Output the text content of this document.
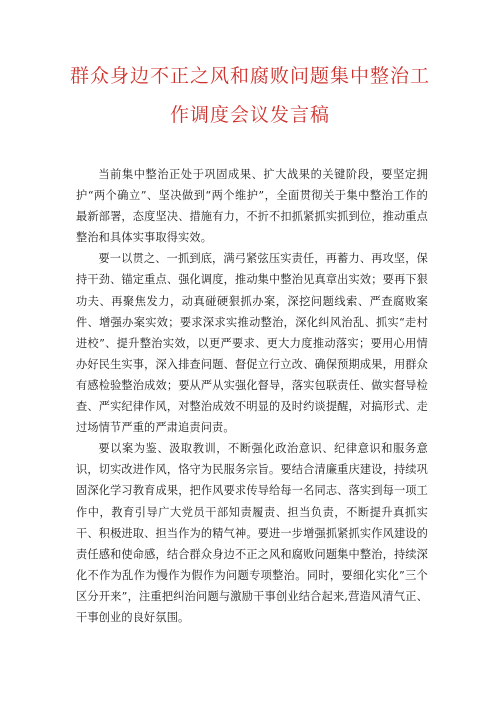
群众身边不正之风和腐败问题集中整治工
作调度会议发言稿

当前集中整治正处于巩固成果、扩大战果的关键阶段，要坚定拥护“两个确立”、坚决做到“两个维护”，全面贯彻关于集中整治工作的最新部署，态度坚决、措施有力，不折不扣抓紧抓实抓到位，推动重点整治和具体实事取得实效。

要一以贯之、一抓到底，满弓紧弦压实责任，再蓄力、再攻坚，保持干劲、锚定重点、强化调度，推动集中整治见真章出实效；要再下狠功夫、再聚焦发力，动真碰硬狠抓办案，深挖问题线索、严查腐败案件、增强办案实效；要求深求实推动整治，深化纠风治乱、抓实“走村进校”、提升整治实效，以更严要求、更大力度推动落实；要用心用情办好民生实事，深入排查问题、督促立行立改、确保预期成果，用群众有感检验整治成效；要从严从实强化督导，落实包联责任、做实督导检查、严实纪律作风，对整治成效不明显的及时约谈提醒，对搞形式、走过场情节严重的严肃追责问责。

要以案为鉴、汲取教训，不断强化政治意识、纪律意识和服务意识，切实改进作风，恪守为民服务宗旨。要结合清廉重庆建设，持续巩固深化学习教育成果，把作风要求传导给每一名同志、落实到每一项工作中，教育引导广大党员干部知责履责、担当负责，不断提升真抓实干、积极进取、担当作为的精气神。要进一步增强抓紧抓实作风建设的责任感和使命感，结合群众身边不正之风和腐败问题集中整治，持续深化不作为乱作为慢作为假作为问题专项整治。同时，要细化实化”三个区分开来”，注重把纠治问题与激励干事创业结合起来,营造风清气正、干事创业的良好氛围。
